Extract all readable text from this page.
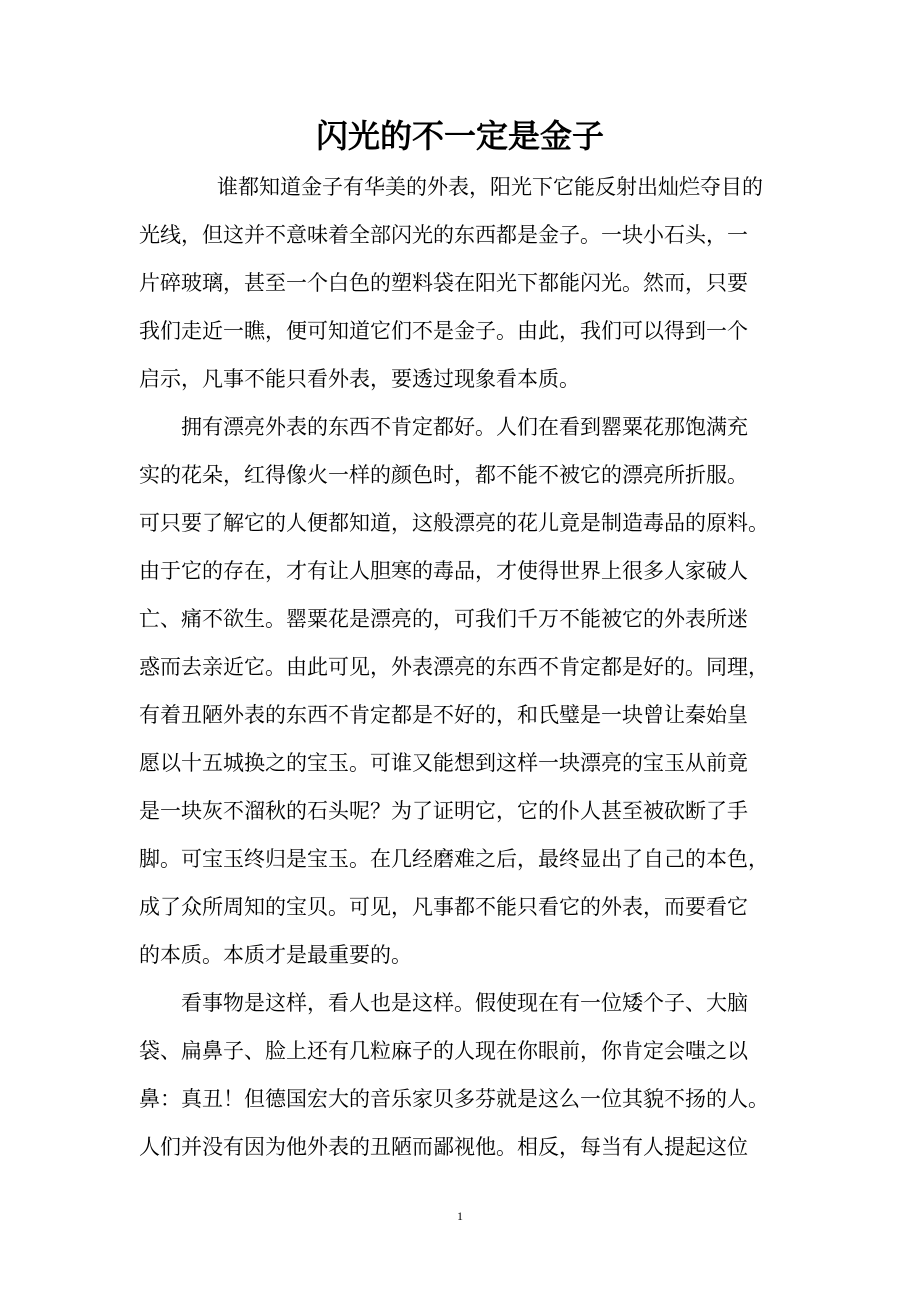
闪光的不一定是金子
谁都知道金子有华美的外表，阳光下它能反射出灿烂夺目的
光线，但这并不意味着全部闪光的东西都是金子。一块小石头，一
片碎玻璃，甚至一个白色的塑料袋在阳光下都能闪光。然而，只要
我们走近一瞧，便可知道它们不是金子。由此，我们可以得到一个
启示，凡事不能只看外表，要透过现象看本质。
拥有漂亮外表的东西不肯定都好。人们在看到罂粟花那饱满充
实的花朵，红得像火一样的颜色时，都不能不被它的漂亮所折服。
可只要了解它的人便都知道，这般漂亮的花儿竟是制造毒品的原料。
由于它的存在，才有让人胆寒的毒品，才使得世界上很多人家破人
亡、痛不欲生。罂粟花是漂亮的，可我们千万不能被它的外表所迷
惑而去亲近它。由此可见，外表漂亮的东西不肯定都是好的。同理，
有着丑陋外表的东西不肯定都是不好的，和氏璧是一块曾让秦始皇
愿以十五城换之的宝玉。可谁又能想到这样一块漂亮的宝玉从前竟
是一块灰不溜秋的石头呢？为了证明它，它的仆人甚至被砍断了手
脚。可宝玉终归是宝玉。在几经磨难之后，最终显出了自己的本色，
成了众所周知的宝贝。可见，凡事都不能只看它的外表，而要看它
的本质。本质才是最重要的。
看事物是这样，看人也是这样。假使现在有一位矮个子、大脑
袋、扁鼻子、脸上还有几粒麻子的人现在你眼前，你肯定会嗤之以
鼻：真丑！但德国宏大的音乐家贝多芬就是这么一位其貌不扬的人。
人们并没有因为他外表的丑陋而鄙视他。相反，每当有人提起这位
1
